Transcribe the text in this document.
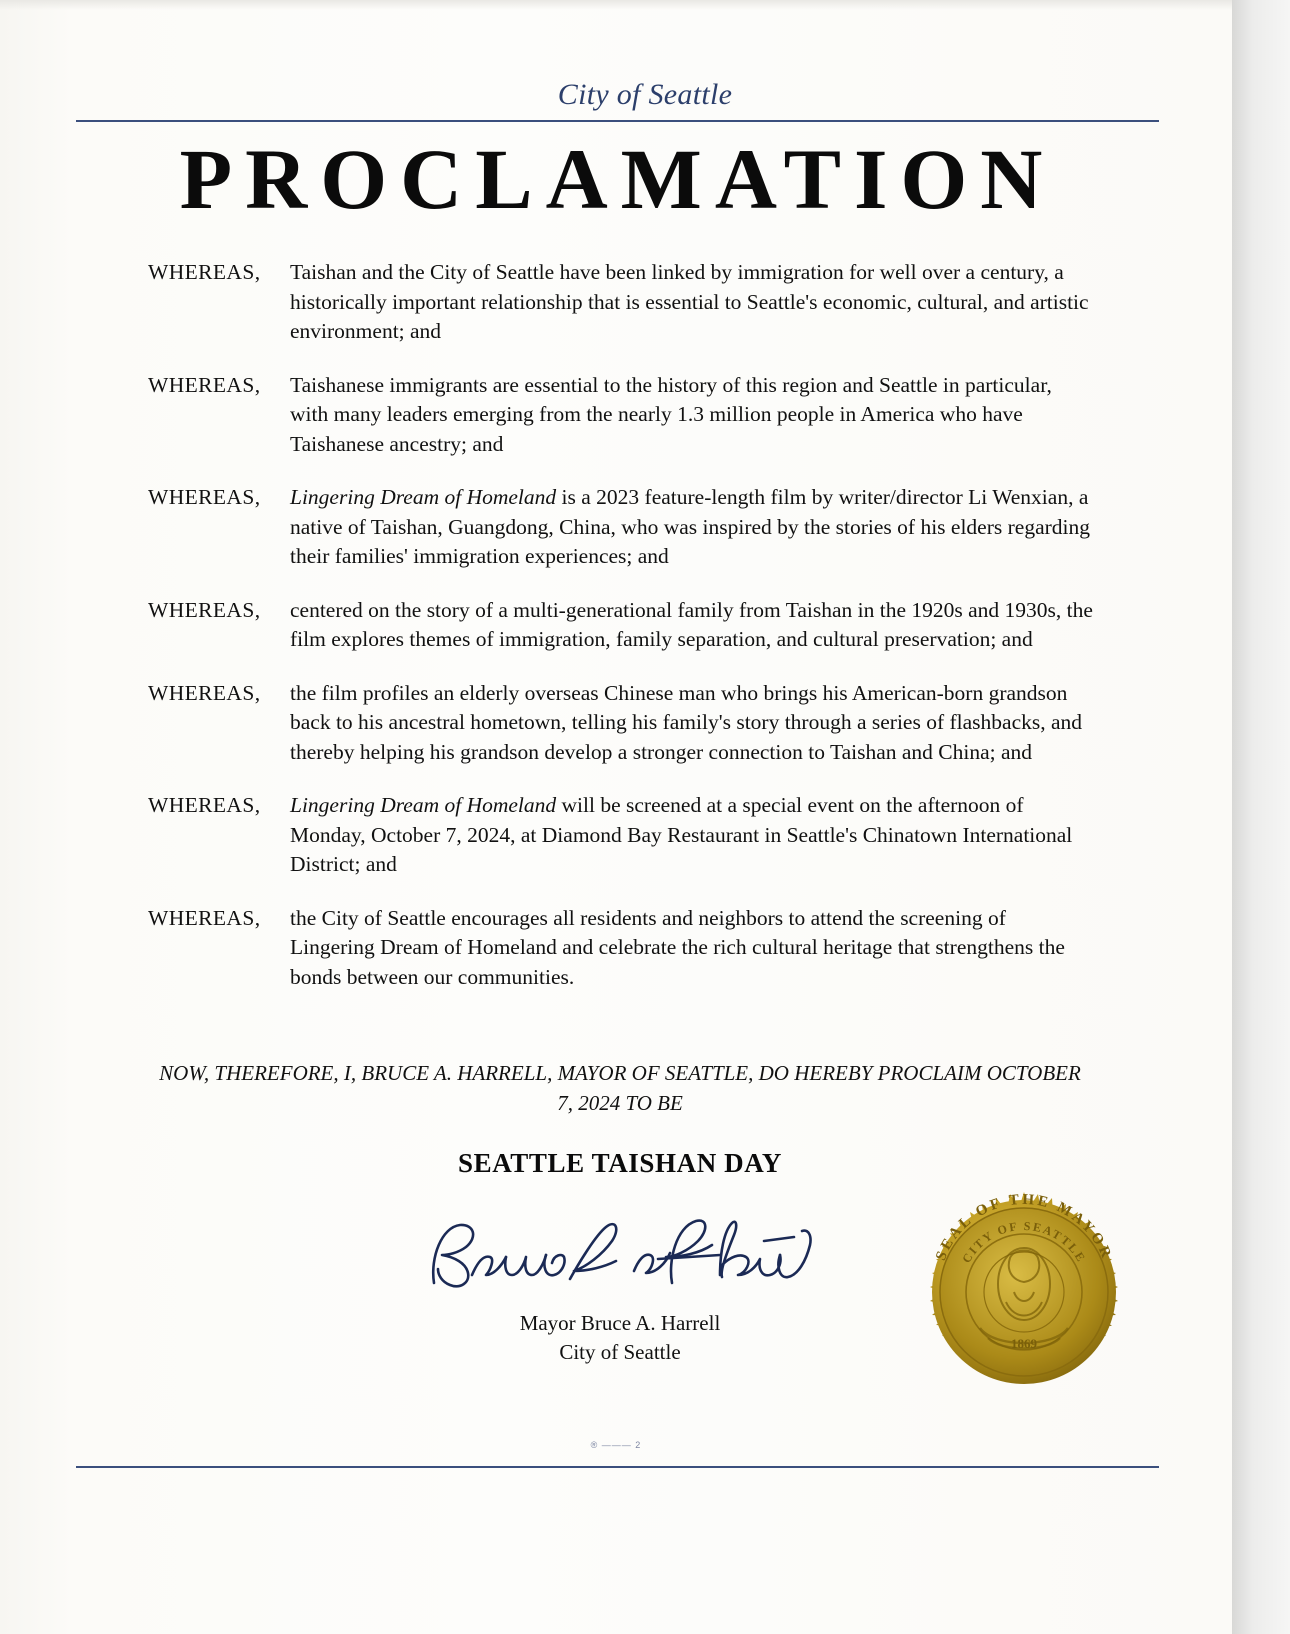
City of Seattle
PROCLAMATION
WHEREAS,	Taishan and the City of Seattle have been linked by immigration for well over a century, a historically important relationship that is essential to Seattle's economic, cultural, and artistic environment; and
WHEREAS,	Taishanese immigrants are essential to the history of this region and Seattle in particular, with many leaders emerging from the nearly 1.3 million people in America who have Taishanese ancestry; and
WHEREAS,	Lingering Dream of Homeland is a 2023 feature-length film by writer/director Li Wenxian, a native of Taishan, Guangdong, China, who was inspired by the stories of his elders regarding their families' immigration experiences; and
WHEREAS,	centered on the story of a multi-generational family from Taishan in the 1920s and 1930s, the film explores themes of immigration, family separation, and cultural preservation; and
WHEREAS,	the film profiles an elderly overseas Chinese man who brings his American-born grandson back to his ancestral hometown, telling his family's story through a series of flashbacks, and thereby helping his grandson develop a stronger connection to Taishan and China; and
WHEREAS,	Lingering Dream of Homeland will be screened at a special event on the afternoon of Monday, October 7, 2024, at Diamond Bay Restaurant in Seattle's Chinatown International District; and
WHEREAS,	the City of Seattle encourages all residents and neighbors to attend the screening of Lingering Dream of Homeland and celebrate the rich cultural heritage that strengthens the bonds between our communities.
NOW, THEREFORE, I, BRUCE A. HARRELL, MAYOR OF SEATTLE, DO HEREBY PROCLAIM OCTOBER 7, 2024 TO BE
SEATTLE TAISHAN DAY
Mayor Bruce A. Harrell
City of Seattle
SEAL OF THE MAYOR
CITY OF SEATTLE
1869
® ——— 2
